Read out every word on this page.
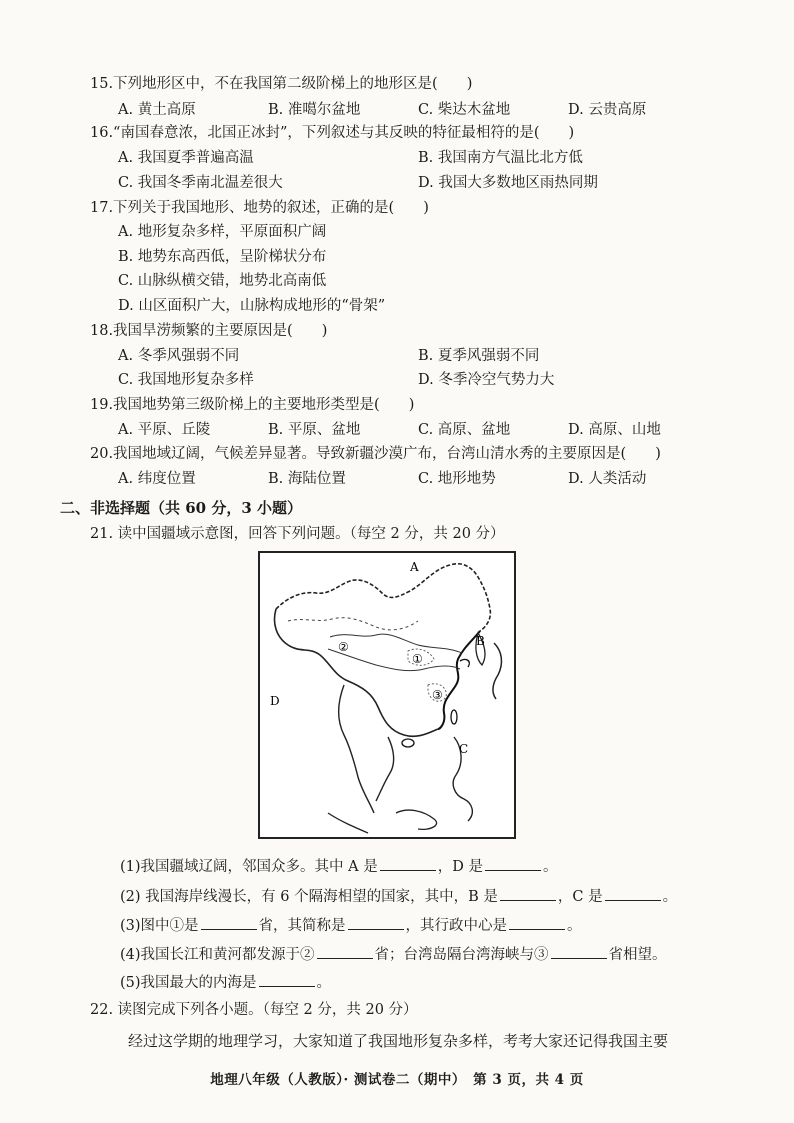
15.下列地形区中，不在我国第二级阶梯上的地形区是(　　)
A. 黄土高原	B. 准噶尔盆地	C. 柴达木盆地	D. 云贵高原
16.“南国春意浓，北国正冰封”，下列叙述与其反映的特征最相符的是(　　)
A. 我国夏季普遍高温	B. 我国南方气温比北方低
C. 我国冬季南北温差很大	D. 我国大多数地区雨热同期
17.下列关于我国地形、地势的叙述，正确的是(　　)
A. 地形复杂多样，平原面积广阔
B. 地势东高西低，呈阶梯状分布
C. 山脉纵横交错，地势北高南低
D. 山区面积广大，山脉构成地形的“骨架”
18.我国旱涝频繁的主要原因是(　　)
A. 冬季风强弱不同	B. 夏季风强弱不同
C. 我国地形复杂多样	D. 冬季冷空气势力大
19.我国地势第三级阶梯上的主要地形类型是(　　)
A. 平原、丘陵	B. 平原、盆地	C. 高原、盆地	D. 高原、山地
20.我国地域辽阔，气候差异显著。导致新疆沙漠广布，台湾山清水秀的主要原因是(　　)
A. 纬度位置	B. 海陆位置	C. 地形地势	D. 人类活动
二、非选择题（共 60 分，3 小题）
21. 读中国疆域示意图，回答下列问题。（每空 2 分，共 20 分）
A
B
C
D
①
②
③
(1)我国疆域辽阔，邻国众多。其中 A 是	，D 是	。
(2) 我国海岸线漫长，有 6 个隔海相望的国家，其中，B 是	，C 是	。
(3)图中①是	省，其简称是	，其行政中心是	。
(4)我国长江和黄河都发源于②	省；台湾岛隔台湾海峡与③	省相望。
(5)我国最大的内海是	。
22. 读图完成下列各小题。（每空 2 分，共 20 分）
经过这学期的地理学习，大家知道了我国地形复杂多样，考考大家还记得我国主要
地理八年级（人教版）· 测试卷二（期中）　第 3 页，共 4 页
